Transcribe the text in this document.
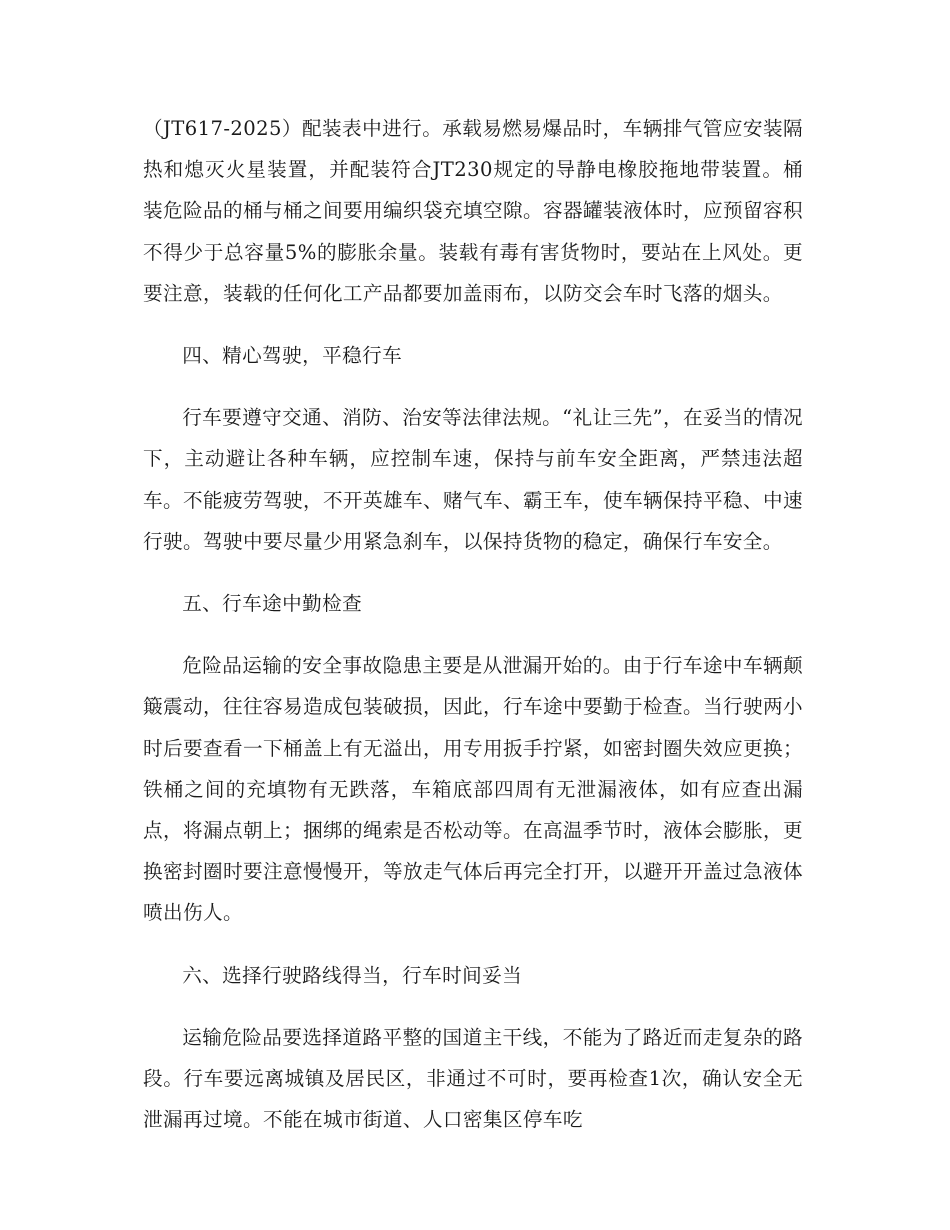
（JT617-2025）配装表中进行。承载易燃易爆品时，车辆排气管应安装隔热和熄灭火星装置，并配装符合JT230规定的导静电橡胶拖地带装置。桶装危险品的桶与桶之间要用编织袋充填空隙。容器罐装液体时，应预留容积不得少于总容量5%的膨胀余量。装载有毒有害货物时，要站在上风处。更要注意，装载的任何化工产品都要加盖雨布，以防交会车时飞落的烟头。

四、精心驾驶，平稳行车

行车要遵守交通、消防、治安等法律法规。“礼让三先”，在妥当的情况下，主动避让各种车辆，应控制车速，保持与前车安全距离，严禁违法超车。不能疲劳驾驶，不开英雄车、赌气车、霸王车，使车辆保持平稳、中速行驶。驾驶中要尽量少用紧急刹车，以保持货物的稳定，确保行车安全。

五、行车途中勤检查

危险品运输的安全事故隐患主要是从泄漏开始的。由于行车途中车辆颠簸震动，往往容易造成包装破损，因此，行车途中要勤于检查。当行驶两小时后要查看一下桶盖上有无溢出，用专用扳手拧紧，如密封圈失效应更换；铁桶之间的充填物有无跌落，车箱底部四周有无泄漏液体，如有应查出漏点，将漏点朝上；捆绑的绳索是否松动等。在高温季节时，液体会膨胀，更换密封圈时要注意慢慢开，等放走气体后再完全打开，以避开开盖过急液体喷出伤人。

六、选择行驶路线得当，行车时间妥当

运输危险品要选择道路平整的国道主干线，不能为了路近而走复杂的路段。行车要远离城镇及居民区，非通过不可时，要再检查1次，确认安全无泄漏再过境。不能在城市街道、人口密集区停车吃
